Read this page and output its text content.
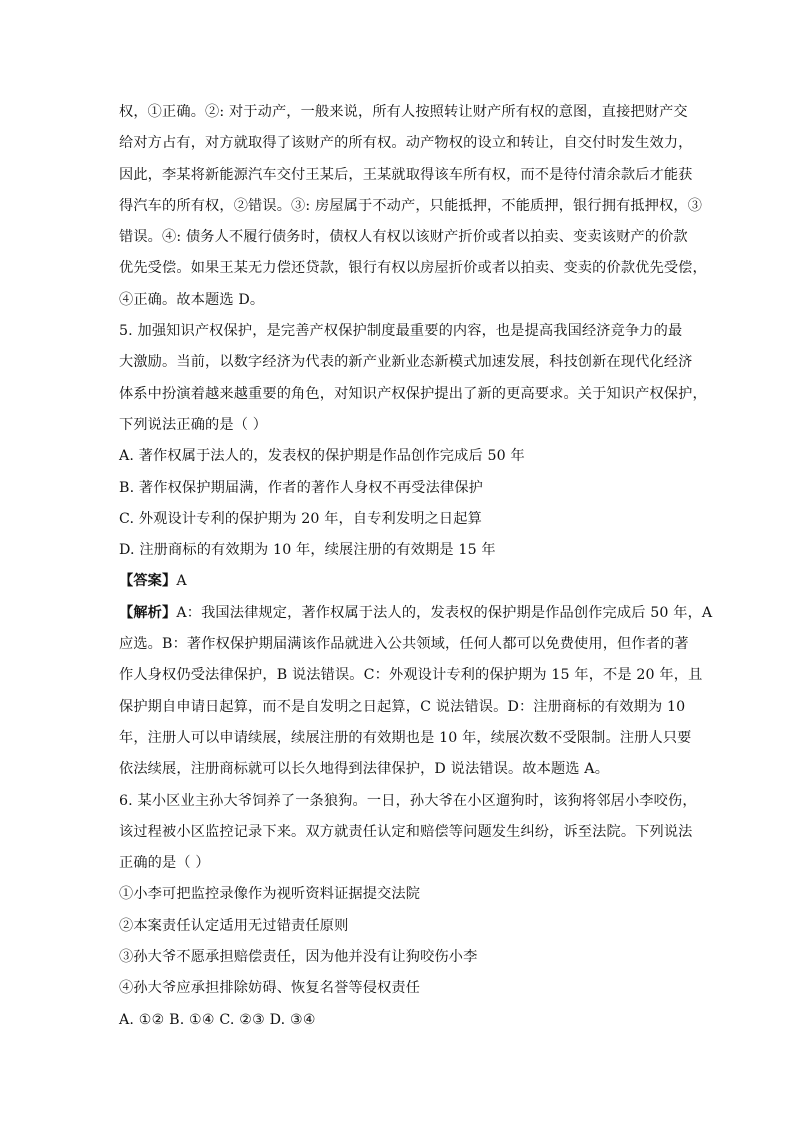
权，①正确。②: 对于动产，一般来说，所有人按照转让财产所有权的意图，直接把财产交
给对方占有，对方就取得了该财产的所有权。动产物权的设立和转让，自交付时发生效力，
因此，李某将新能源汽车交付王某后，王某就取得该车所有权，而不是待付清余款后才能获
得汽车的所有权，②错误。③: 房屋属于不动产，只能抵押，不能质押，银行拥有抵押权，③
错误。④: 债务人不履行债务时，债权人有权以该财产折价或者以拍卖、变卖该财产的价款
优先受偿。如果王某无力偿还贷款，银行有权以房屋折价或者以拍卖、变卖的价款优先受偿，
④正确。故本题选 D。
5. 加强知识产权保护，是完善产权保护制度最重要的内容，也是提高我国经济竞争力的最
大激励。当前，以数字经济为代表的新产业新业态新模式加速发展，科技创新在现代化经济
体系中扮演着越来越重要的角色，对知识产权保护提出了新的更高要求。关于知识产权保护，
下列说法正确的是（ ）
A. 著作权属于法人的，发表权的保护期是作品创作完成后 50 年
B. 著作权保护期届满，作者的著作人身权不再受法律保护
C. 外观设计专利的保护期为 20 年，自专利发明之日起算
D. 注册商标的有效期为 10 年，续展注册的有效期是 15 年
【答案】A
【解析】A：我国法律规定，著作权属于法人的，发表权的保护期是作品创作完成后 50 年，A
应选。B：著作权保护期届满该作品就进入公共领域，任何人都可以免费使用，但作者的著
作人身权仍受法律保护，B 说法错误。C：外观设计专利的保护期为 15 年，不是 20 年，且
保护期自申请日起算，而不是自发明之日起算，C 说法错误。D：注册商标的有效期为 10
年，注册人可以申请续展，续展注册的有效期也是 10 年，续展次数不受限制。注册人只要
依法续展，注册商标就可以长久地得到法律保护，D 说法错误。故本题选 A。
6. 某小区业主孙大爷饲养了一条狼狗。一日，孙大爷在小区遛狗时，该狗将邻居小李咬伤，
该过程被小区监控记录下来。双方就责任认定和赔偿等问题发生纠纷，诉至法院。下列说法
正确的是（ ）
①小李可把监控录像作为视听资料证据提交法院
②本案责任认定适用无过错责任原则
③孙大爷不愿承担赔偿责任，因为他并没有让狗咬伤小李
④孙大爷应承担排除妨碍、恢复名誉等侵权责任
A. ①② B. ①④ C. ②③ D. ③④
